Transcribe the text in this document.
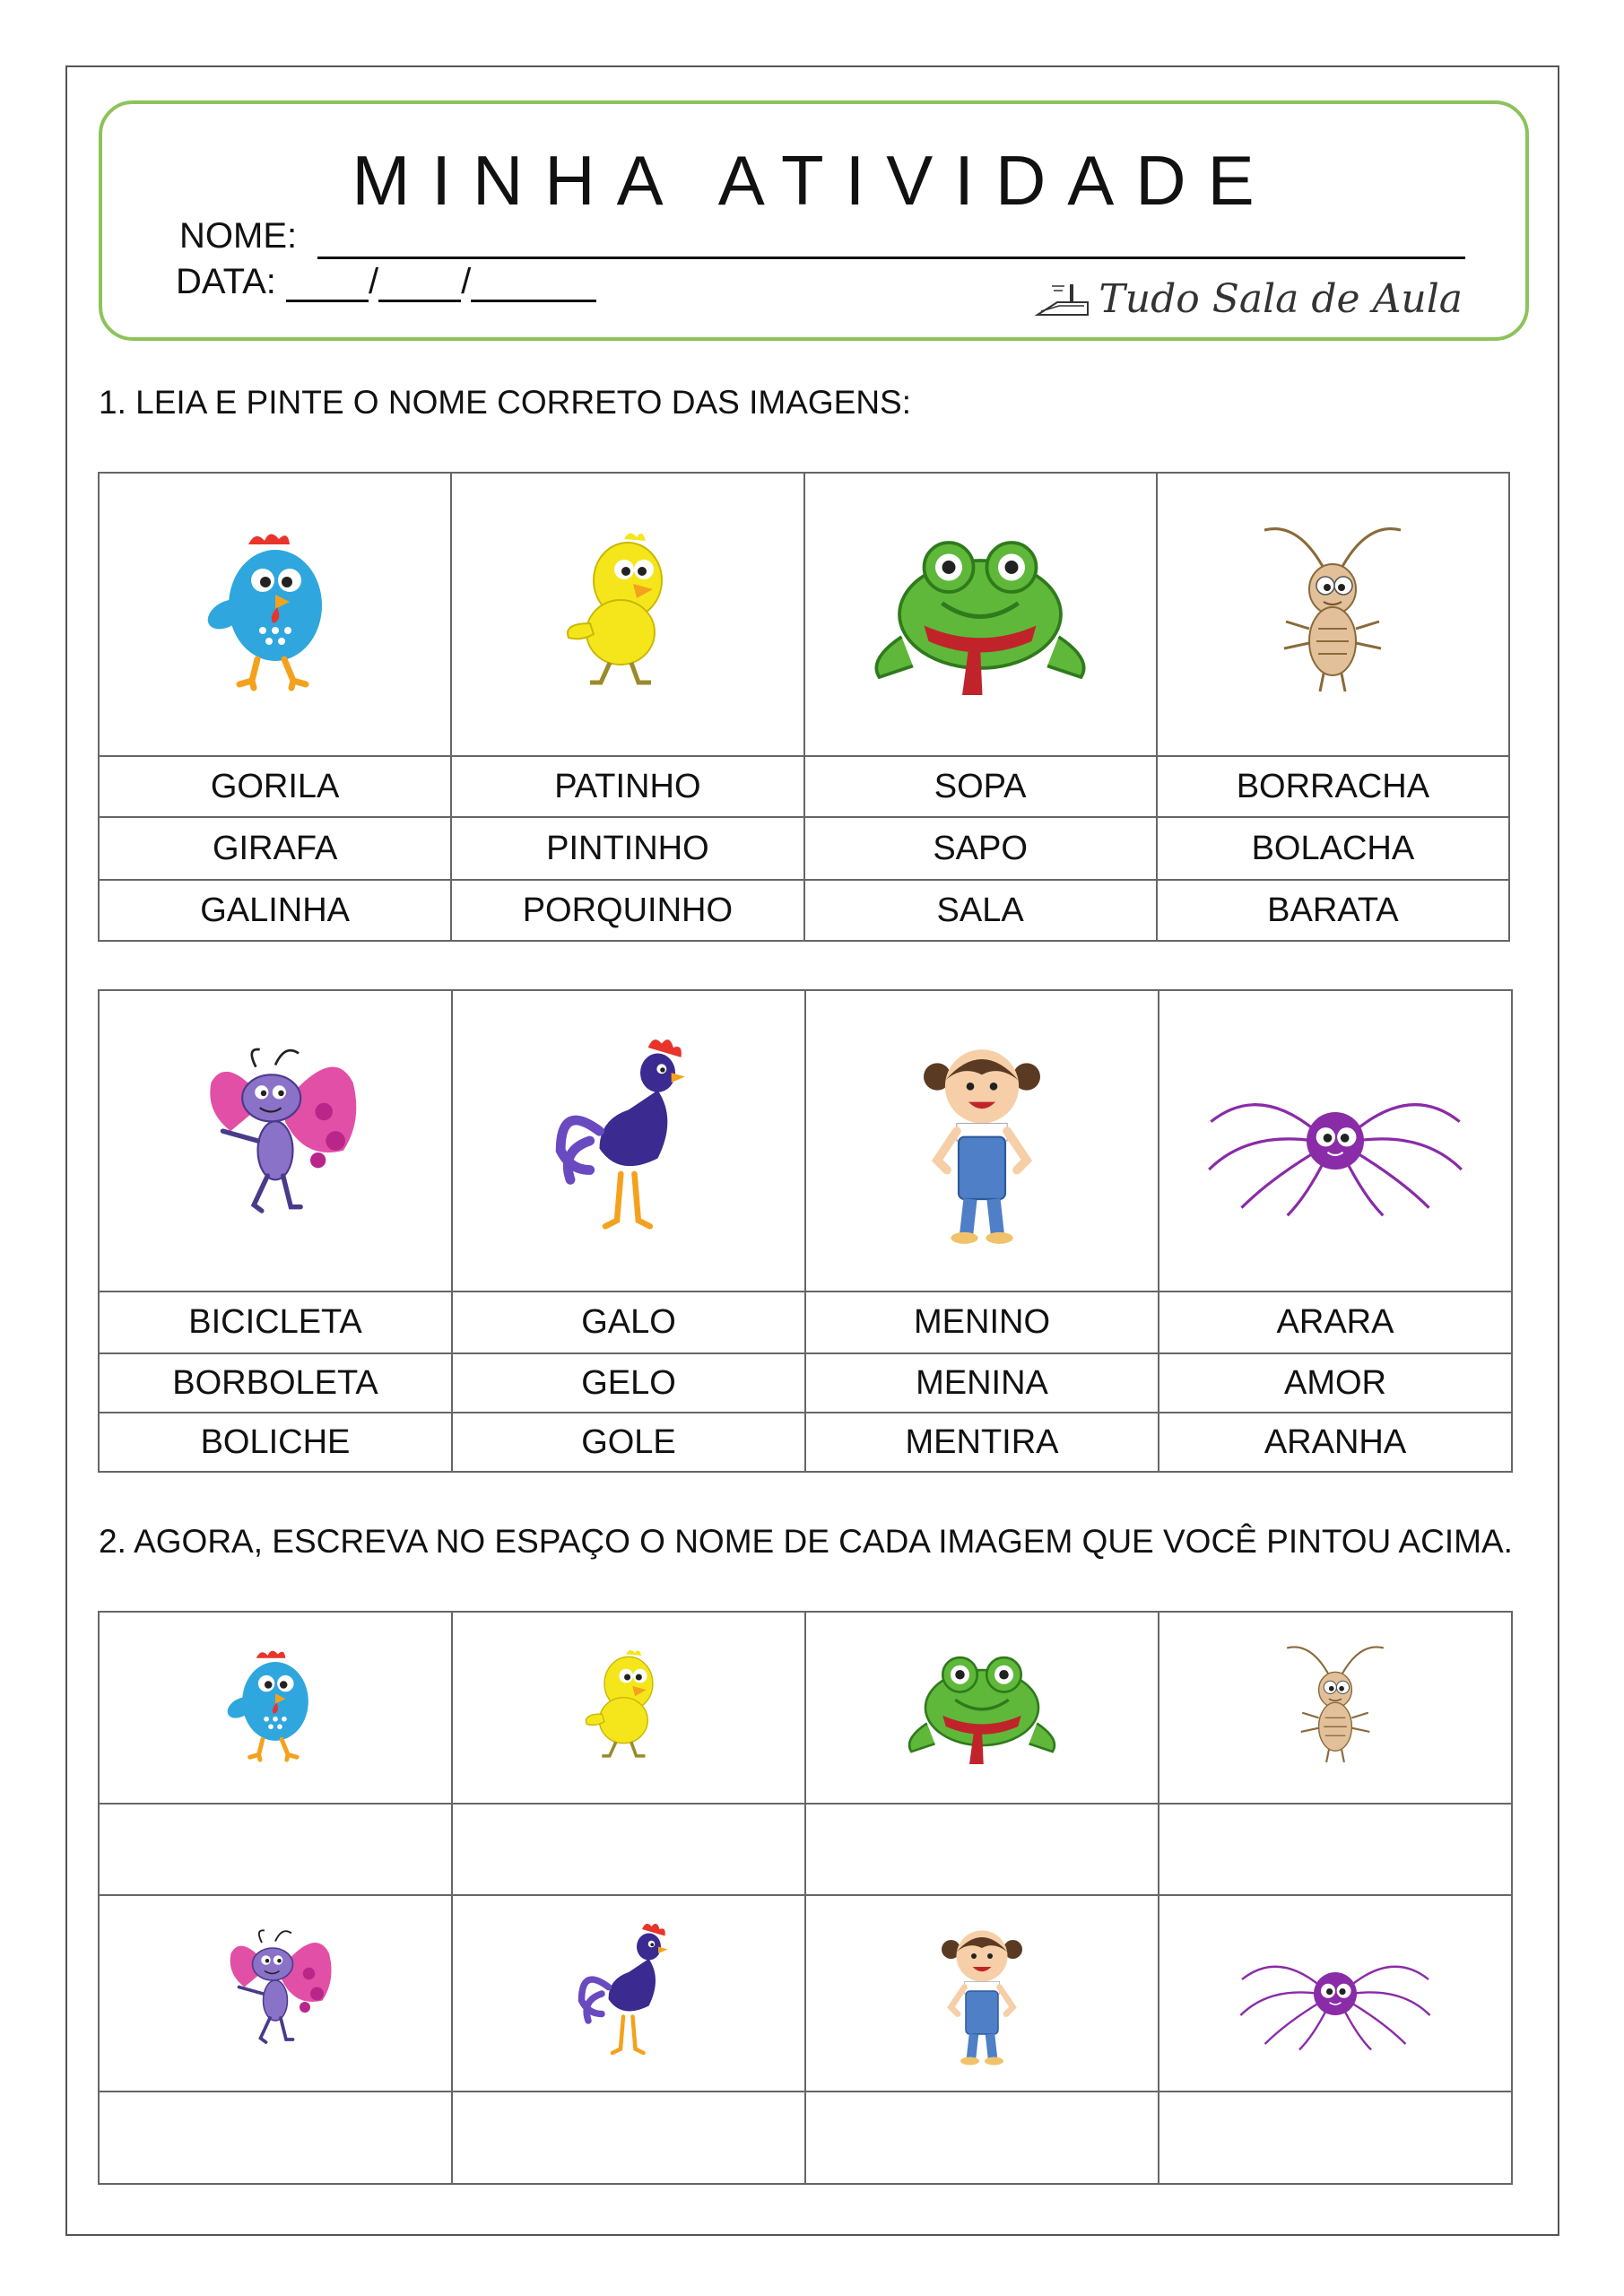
MINHA ATIVIDADE
NOME:
DATA:	/ /	Tudo Sala de Aula
1. LEIA E PINTE O NOME CORRETO DAS IMAGENS:

GORILA	PATINHO	SOPA	BORRACHA
GIRAFA	PINTINHO	SAPO	BOLACHA
GALINHA	PORQUINHO	SALA	BARATA

BICICLETA	GALO	MENINO	ARARA
BORBOLETA	GELO	MENINA	AMOR
BOLICHE	GOLE	MENTIRA	ARANHA
2. AGORA, ESCREVA NO ESPAÇO O NOME DE CADA IMAGEM QUE VOCÊ PINTOU ACIMA.
